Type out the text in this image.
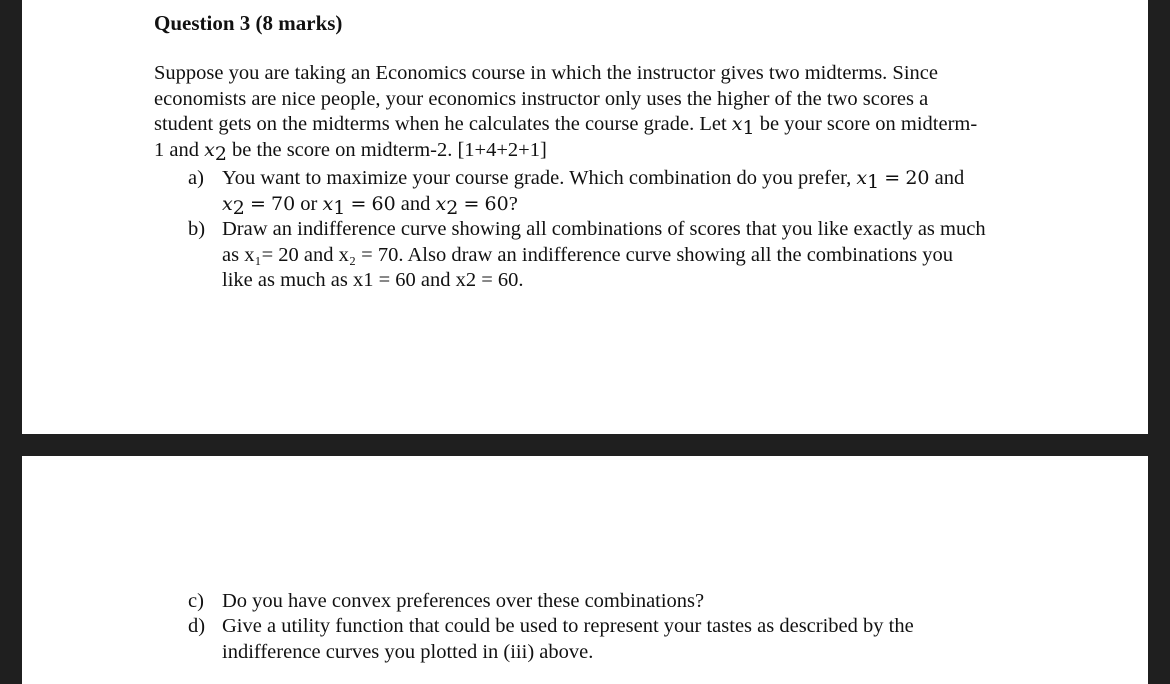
Question 3 (8 marks)
Suppose you are taking an Economics course in which the instructor gives two midterms. Since
economists are nice people, your economics instructor only uses the higher of the two scores a
student gets on the midterms when he calculates the course grade. Let $x_1$ be your score on midterm-
1 and $x_2$ be the score on midterm-2. [1+4+2+1]
a) You want to maximize your course grade. Which combination do you prefer, $x_1 = 20$ and
$x_2 = 70$ or $x_1 = 60$ and $x_2 = 60$?
b) Draw an indifference curve showing all combinations of scores that you like exactly as much
as x₁= 20 and x₂ = 70. Also draw an indifference curve showing all the combinations you
like as much as x1 = 60 and x2 = 60.
c) Do you have convex preferences over these combinations?
d) Give a utility function that could be used to represent your tastes as described by the
indifference curves you plotted in (iii) above.
